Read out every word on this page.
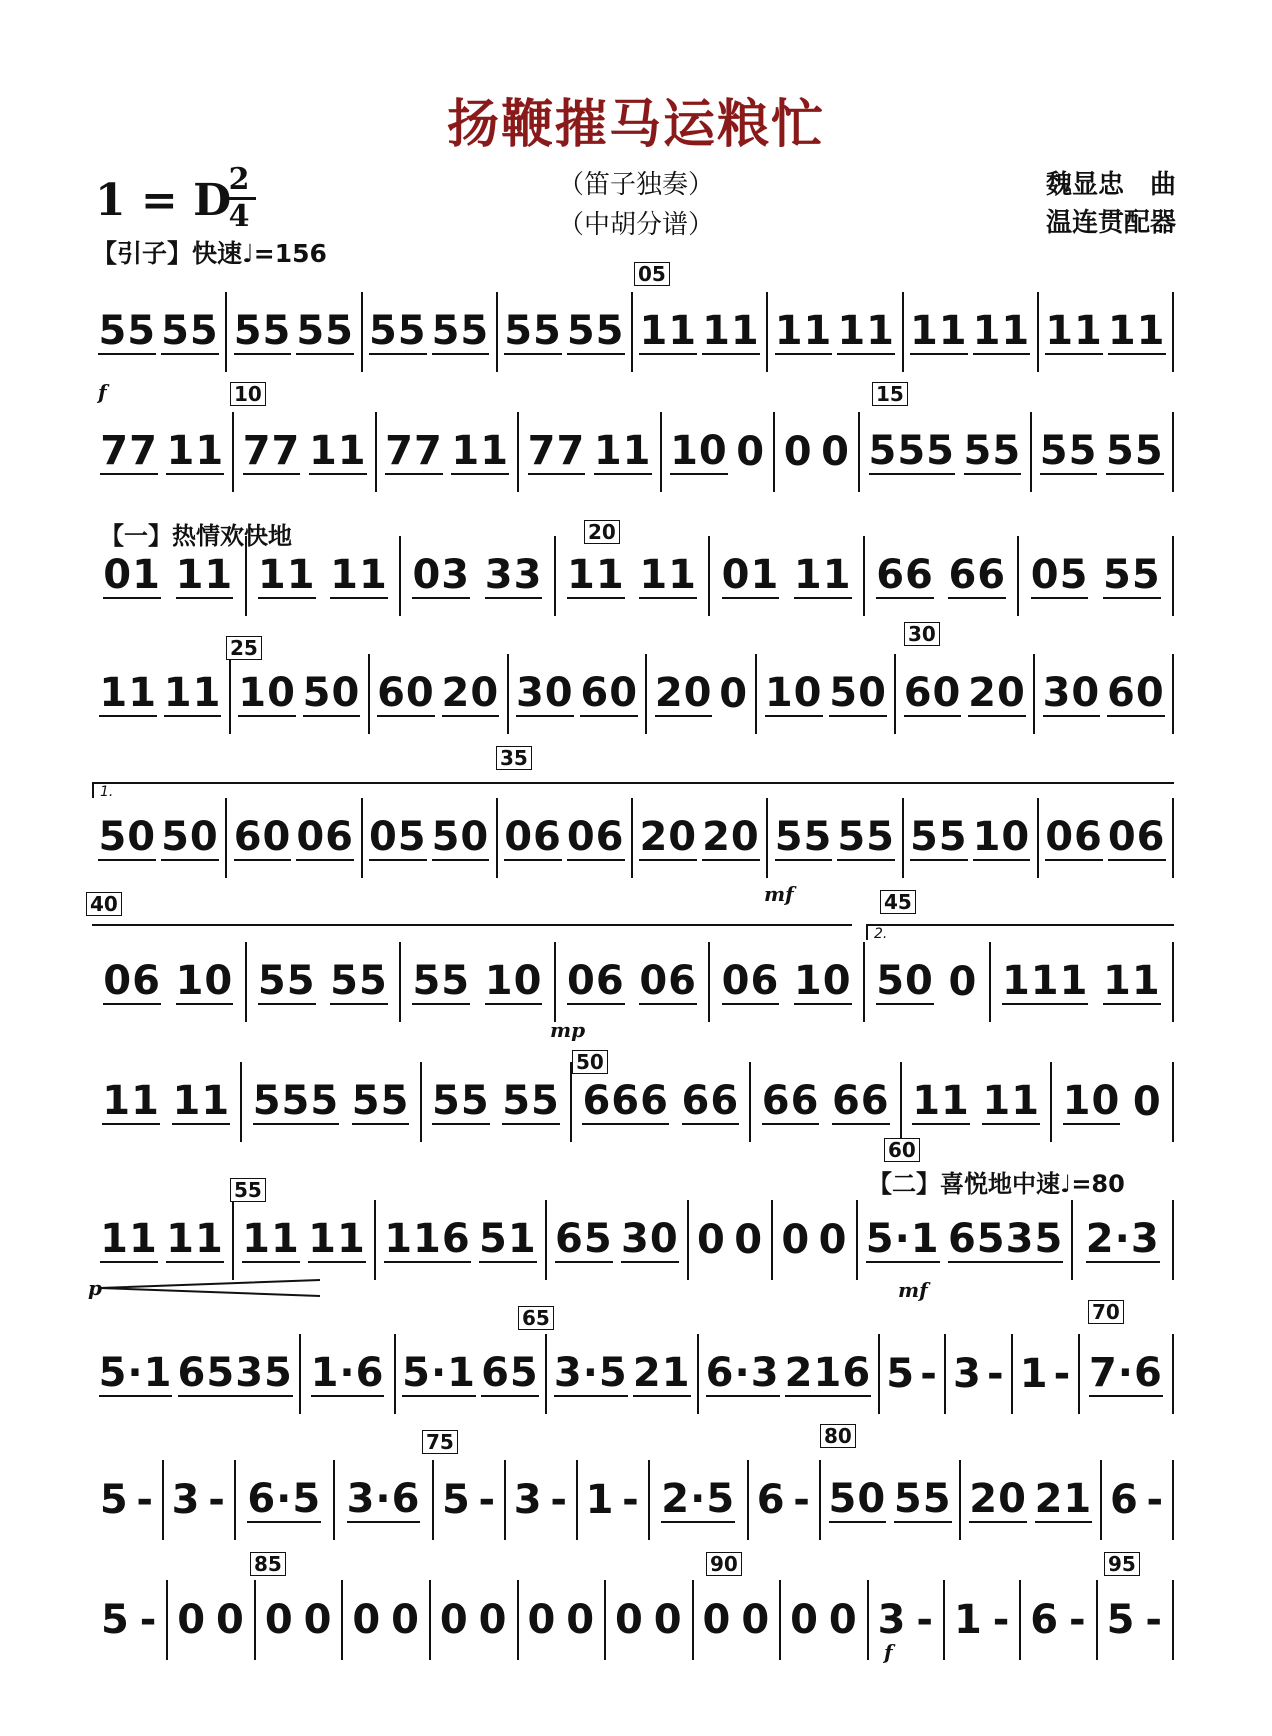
扬鞭摧马运粮忙
1 = D
2
4
（笛子独奏）
（中胡分谱）
魏显忠　曲
温连贯配器
【引子】快速♩=156
55 55 55 55 55 55 55 55 11 11 11 11 11 11 11 11
77 11 77 11 77 11 77 11 10 0 0 0 555 55 55 55
01 11 11 11 03 33 11 11 01 11 66 66 05 55
11 11 10 50 60 20 30 60 20 0 10 50 60 20 30 60
50 50 60 06 05 50 06 06 20 20 55 55 55 10 06 06
06 10 55 55 55 10 06 06 06 10 50 0 111 11
11 11 555 55 55 55 666 66 66 66 11 11 10 0
11 11 11 11 116 51 65 30 0 0 0 0 5·1 6535 2·3
5·1 6535 1·6 5·1 65 3·5 21 6·3 216 5 - 3 - 1 - 7·6
5 - 3 - 6·5 3·6 5 - 3 - 1 - 2·5 6 - 50 55 20 21 6 -
5 - 0 0 0 0 0 0 0 0 0 0 0 0 0 0 0 0 3 - 1 - 6 - 5 -
【一】热情欢快地
【二】喜悦地中速♩=80
05
10	15
20
25
30
35
40	45
50
55
60
65	70
75	80
85	90	95
f
mf
mp
p	mf
f
1.
2.
